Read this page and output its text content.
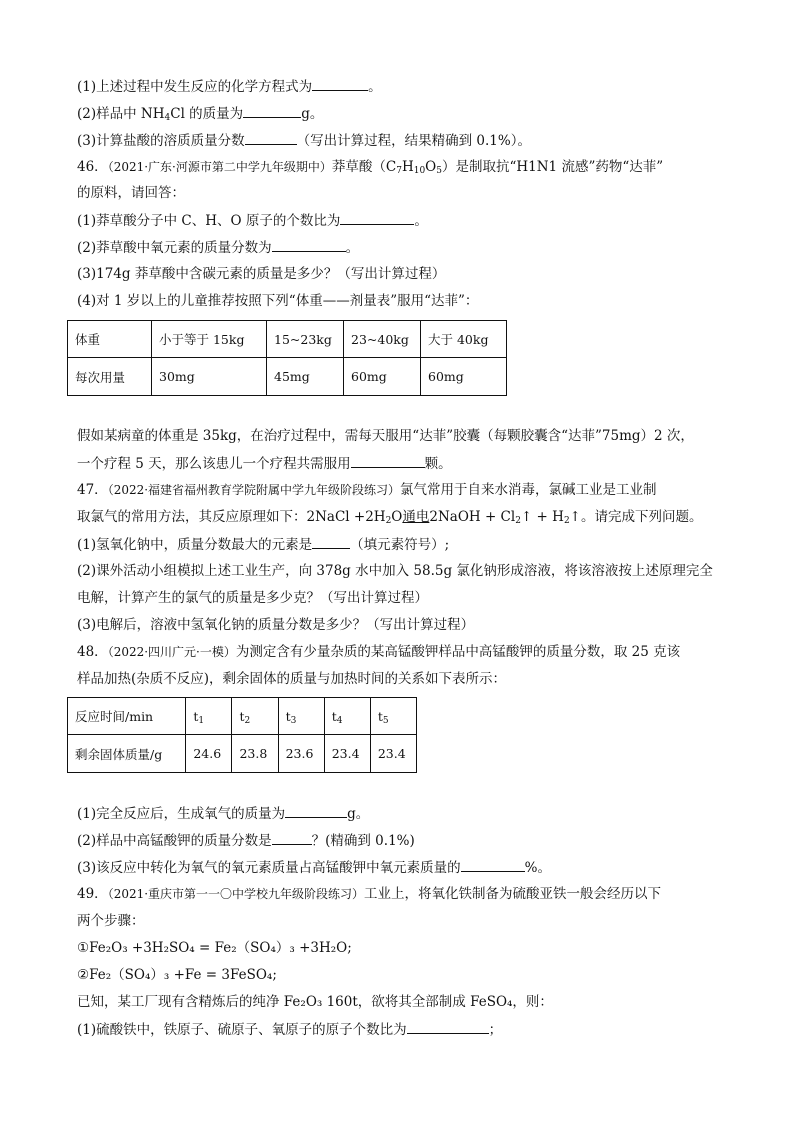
(1)上述过程中发生反应的化学方程式为	。
(2)样品中 $NH_4Cl$ 的质量为	g。
(3)计算盐酸的溶质质量分数	（写出计算过程，结果精确到 0.1%）。
46．（2021·广东·河源市第二中学九年级期中）莽草酸$(C_7H_{10}O_5)$是制取抗“H1N1 流感”药物“达菲”
的原料，请回答：
(1)莽草酸分子中 C、H、O 原子的个数比为	。
(2)莽草酸中氧元素的质量分数为	。
(3)174g 莽草酸中含碳元素的质量是多少？（写出计算过程）
(4)对 1 岁以上的儿童推荐按照下列“体重——剂量表”服用“达菲”：
体重	小于等于 15kg	15~23kg	23~40kg	大于 40kg
每次用量	30mg	45mg	60mg	60mg
假如某病童的体重是 35kg，在治疗过程中，需每天服用“达菲”胶囊（每颗胶囊含“达菲”75mg）2 次，
一个疗程 5 天，那么该患儿一个疗程共需服用	颗。
47．（2022·福建省福州教育学院附属中学九年级阶段练习）氯气常用于自来水消毒，氯碱工业是工业制
取氯气的常用方法，其反应原理如下：2NaCl $+2H_2O$通电2NaOH + $Cl_2↑$ + $H_2↑$。请完成下列问题。
(1)氢氧化钠中，质量分数最大的元素是	（填元素符号）;
(2)课外活动小组模拟上述工业生产，向 378g 水中加入 58.5g 氯化钠形成溶液，将该溶液按上述原理完全
电解，计算产生的氯气的质量是多少克？（写出计算过程）
(3)电解后，溶液中氢氧化钠的质量分数是多少？（写出计算过程）
48．（2022·四川广元·一模）为测定含有少量杂质的某高锰酸钾样品中高锰酸钾的质量分数，取 25 克该
样品加热(杂质不反应)，剩余固体的质量与加热时间的关系如下表所示：
反应时间/min	$t_1$	$t_2$	$t_3$	$t_4$	$t_5$
剩余固体质量/g	24.6	23.8	23.6	23.4	23.4
(1)完全反应后，生成氧气的质量为	g。
(2)样品中高锰酸钾的质量分数是	？(精确到 0.1%)
(3)该反应中转化为氧气的氧元素质量占高锰酸钾中氧元素质量的	%。
49．（2021·重庆市第一一〇中学校九年级阶段练习）工业上，将氧化铁制备为硫酸亚铁一般会经历以下
两个步骤：
①Fe₂O₃ +3H₂SO₄ = Fe₂（SO₄）₃ +3H₂O;
②Fe₂（SO₄）₃ +Fe = 3FeSO₄;
已知，某工厂现有含精炼后的纯净 Fe₂O₃ 160t，欲将其全部制成 FeSO₄，则：
(1)硫酸铁中，铁原子、硫原子、氧原子的原子个数比为	；
